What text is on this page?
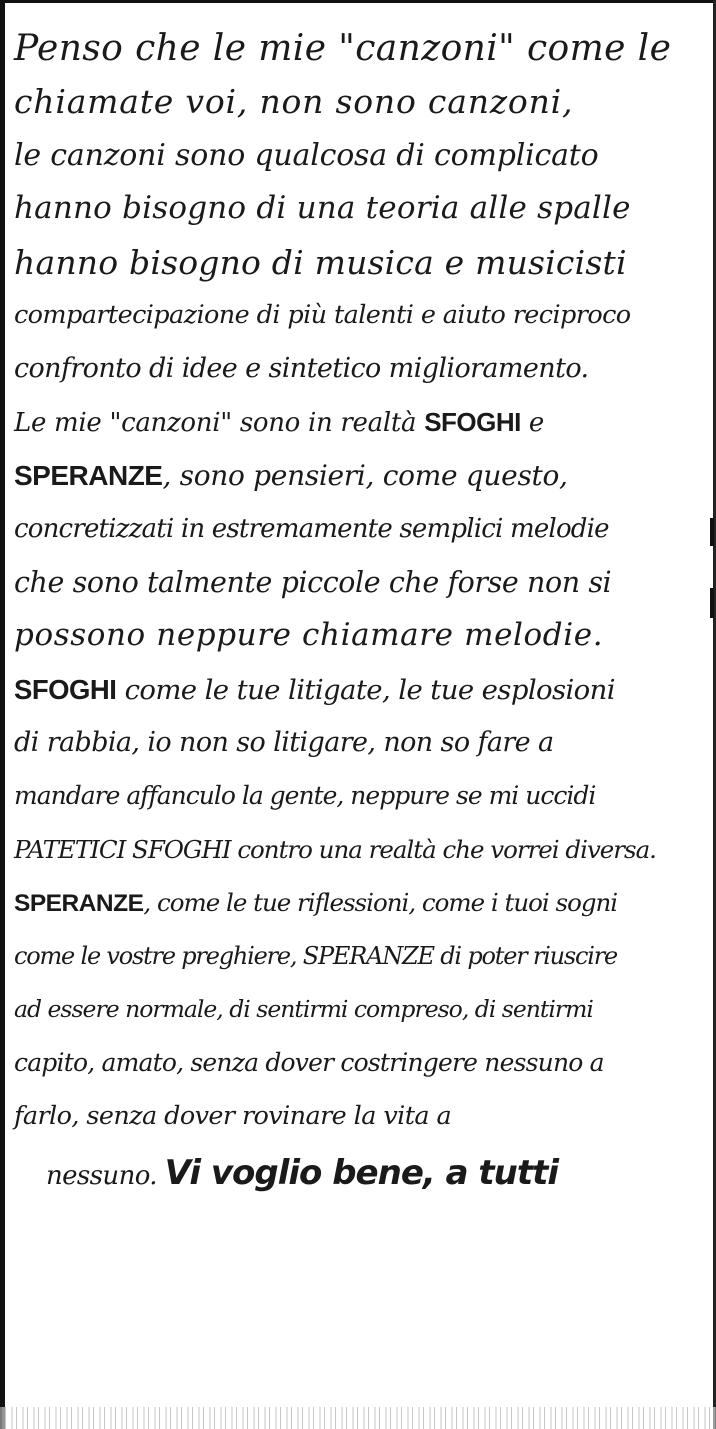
Penso che le mie "canzoni" come le
chiamate voi, non sono canzoni,
le canzoni sono qualcosa di complicato
hanno bisogno di una teoria alle spalle
hanno bisogno di musica e musicisti
compartecipazione di più talenti e aiuto reciproco
confronto di idee e sintetico miglioramento.
Le mie "canzoni" sono in realtà SFOGHI e
SPERANZE, sono pensieri, come questo,
concretizzati in estremamente semplici melodie
che sono talmente piccole che forse non si
possono neppure chiamare melodie.
SFOGHI come le tue litigate, le tue esplosioni
di rabbia, io non so litigare, non so fare a
mandare affanculo la gente, neppure se mi uccidi
PATETICI SFOGHI contro una realtà che vorrei diversa.
SPERANZE, come le tue riflessioni, come i tuoi sogni
come le vostre preghiere, SPERANZE di poter riuscire
ad essere normale, di sentirmi compreso, di sentirmi
capito, amato, senza dover costringere nessuno a
farlo, senza dover rovinare la vita a
nessuno. Vi voglio bene, a tutti
